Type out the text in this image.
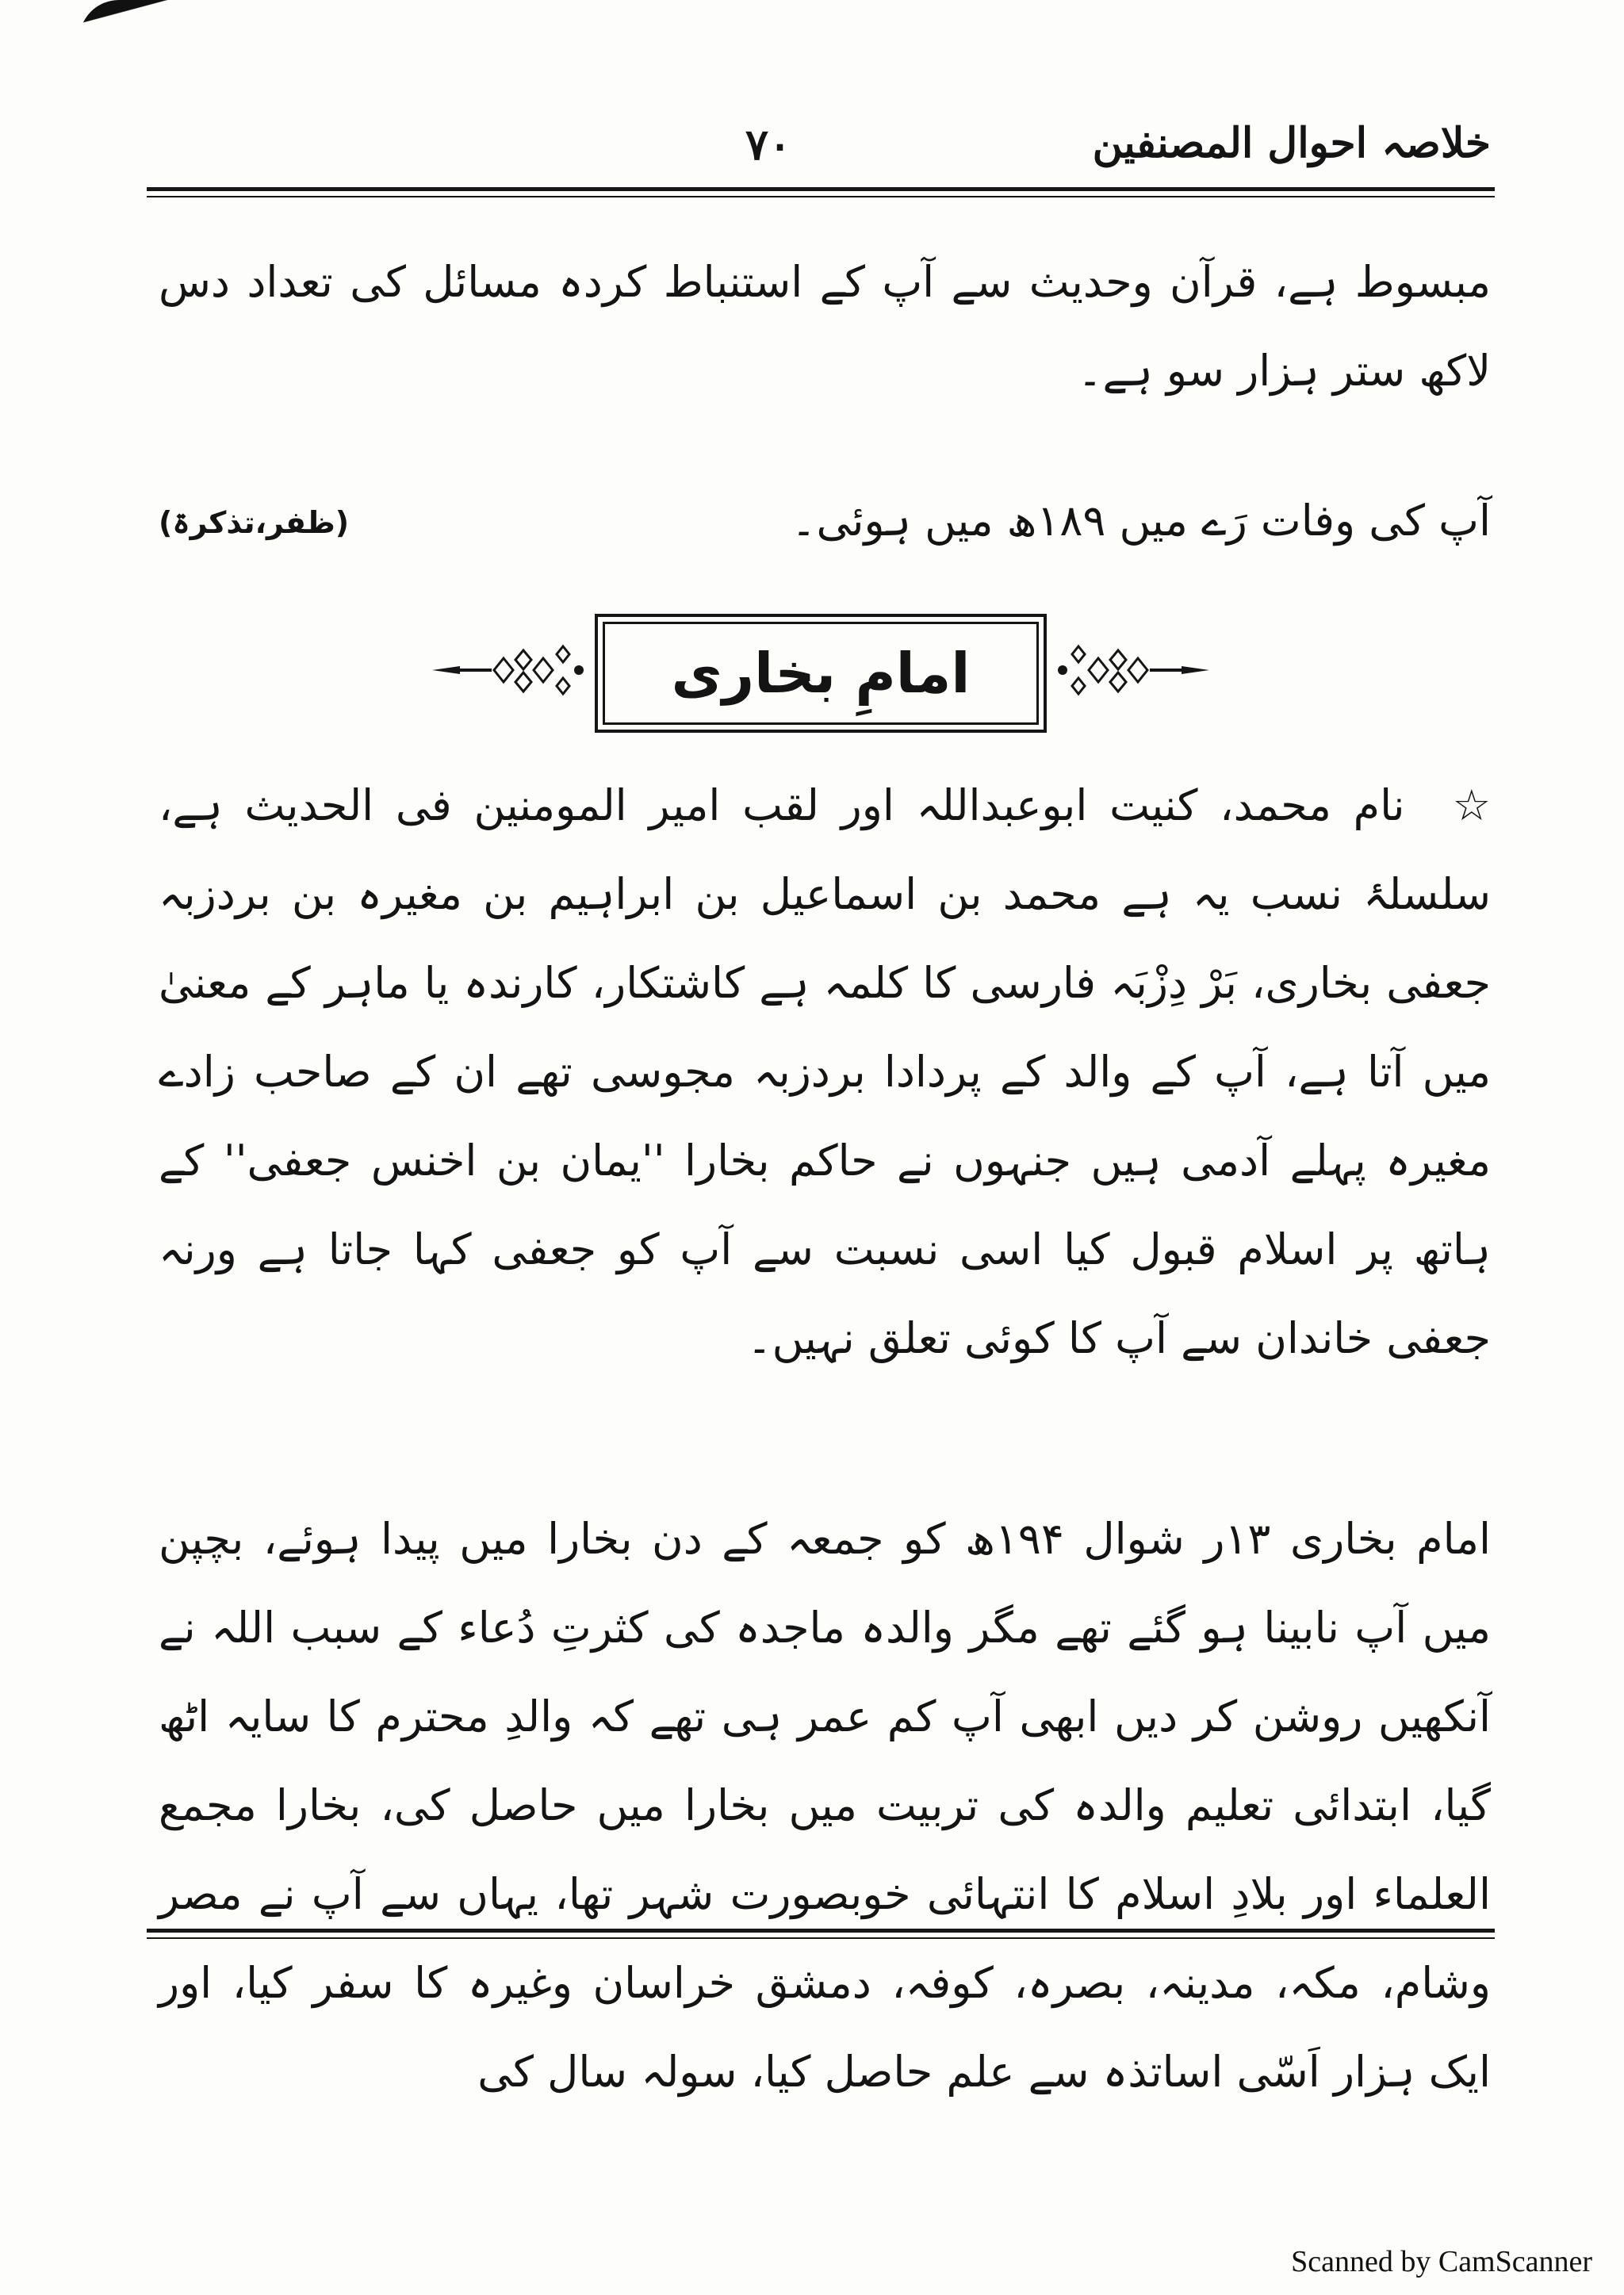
خلاصہ احوال المصنفین
۷۰
مبسوط ہے، قرآن وحدیث سے آپ کے استنباط کردہ مسائل کی تعداد دس لاکھ ستر ہزار سو ہے۔
آپ کی وفات رَے میں ۱۸۹ھ میں ہوئی۔
(ظفر،تذکرۃ)
امامِ بخاری
☆نام محمد، کنیت ابوعبداللہ اور لقب امیر المومنین فی الحدیث ہے، سلسلۂ نسب یہ ہے محمد بن اسماعیل بن ابراہیم بن مغیرہ بن بردزبہ جعفی بخاری، بَرْ دِزْبَہ فارسی کا کلمہ ہے کاشتکار، کارندہ یا ماہر کے معنیٰ میں آتا ہے، آپ کے والد کے پردادا بردزبہ مجوسی تھے ان کے صاحب زادے مغیرہ پہلے آدمی ہیں جنہوں نے حاکم بخارا ''یمان بن اخنس جعفی'' کے ہاتھ پر اسلام قبول کیا اسی نسبت سے آپ کو جعفی کہا جاتا ہے ورنہ جعفی خاندان سے آپ کا کوئی تعلق نہیں۔
امام بخاری ۱۳ر شوال ۱۹۴ھ کو جمعہ کے دن بخارا میں پیدا ہوئے، بچپن میں آپ نابینا ہو گئے تھے مگر والدہ ماجدہ کی کثرتِ دُعاء کے سبب اللہ نے آنکھیں روشن کر دیں ابھی آپ کم عمر ہی تھے کہ والدِ محترم کا سایہ اٹھ گیا، ابتدائی تعلیم والدہ کی تربیت میں بخارا میں حاصل کی، بخارا مجمع العلماء اور بلادِ اسلام کا انتہائی خوبصورت شہر تھا، یہاں سے آپ نے مصر وشام، مکہ، مدینہ، بصرہ، کوفہ، دمشق خراسان وغیرہ کا سفر کیا، اور ایک ہزار اَسّی اساتذہ سے علم حاصل کیا، سولہ سال کی
Scanned by CamScanner
